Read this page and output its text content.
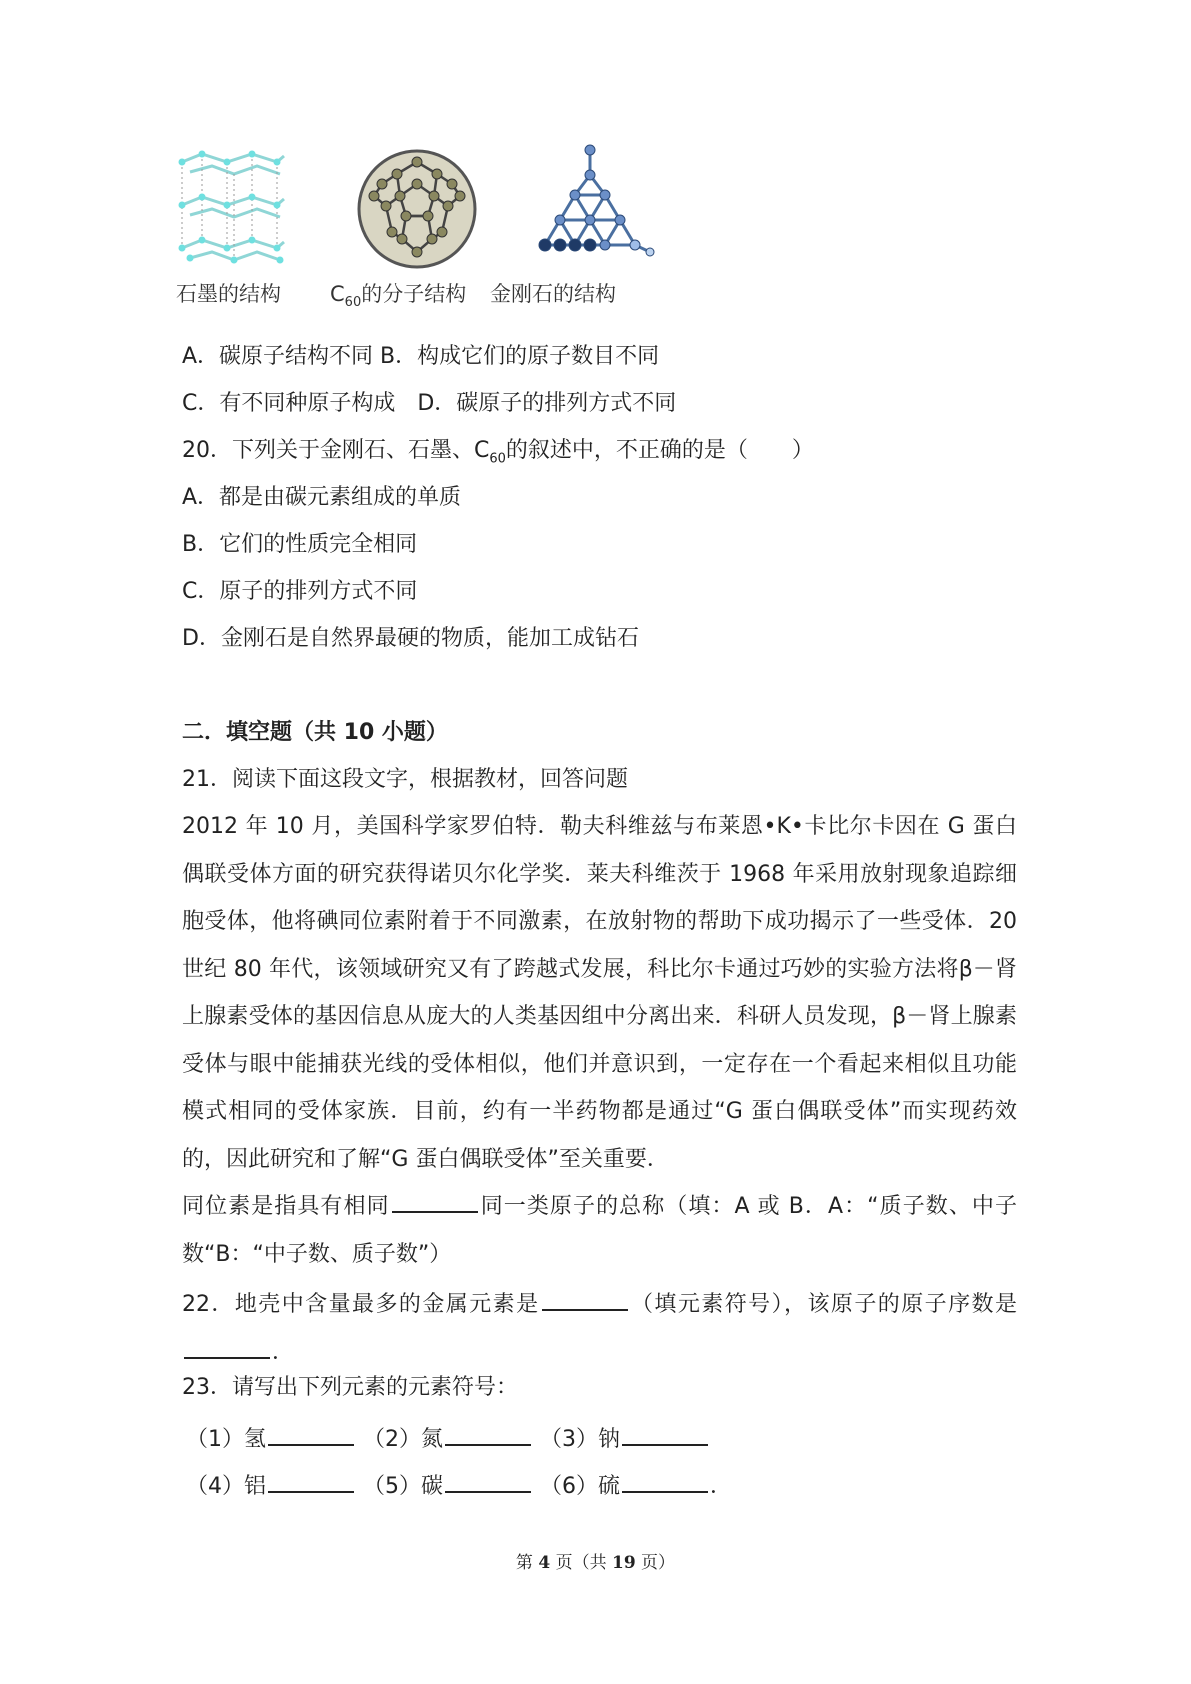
石墨的结构 $C_{60}$的分子结构 金刚石的结构
A．碳原子结构不同 B．构成它们的原子数目不同
C．有不同种原子构成　D．碳原子的排列方式不同
20．下列关于金刚石、石墨、$C_{60}$的叙述中，不正确的是（　　）
A．都是由碳元素组成的单质
B．它们的性质完全相同
C．原子的排列方式不同
D．金刚石是自然界最硬的物质，能加工成钻石
二．填空题（共 10 小题）
21．阅读下面这段文字，根据教材，回答问题
2012 年 10 月，美国科学家罗伯特．勒夫科维兹与布莱恩•K•卡比尔卡因在 G 蛋白偶联受体方面的研究获得诺贝尔化学奖．莱夫科维茨于 1968 年采用放射现象追踪细胞受体，他将碘同位素附着于不同激素，在放射物的帮助下成功揭示了一些受体．20 世纪 80 年代，该领域研究又有了跨越式发展，科比尔卡通过巧妙的实验方法将β－肾上腺素受体的基因信息从庞大的人类基因组中分离出来．科研人员发现，β－肾上腺素受体与眼中能捕获光线的受体相似，他们并意识到，一定存在一个看起来相似且功能模式相同的受体家族．目前，约有一半药物都是通过“G 蛋白偶联受体”而实现药效的，因此研究和了解“G 蛋白偶联受体”至关重要．
同位素是指具有相同	同一类原子的总称（填：A 或 B．A：“质子数、中子数“B：“中子数、质子数”）
22．地壳中含量最多的金属元素是	（填元素符号），该原子的原子序数是．
23．请写出下列元素的元素符号：
（1）氢	（2）氮	（3）钠
（4）铝	（5）碳	（6）硫	．
第 4 页（共 19 页）
